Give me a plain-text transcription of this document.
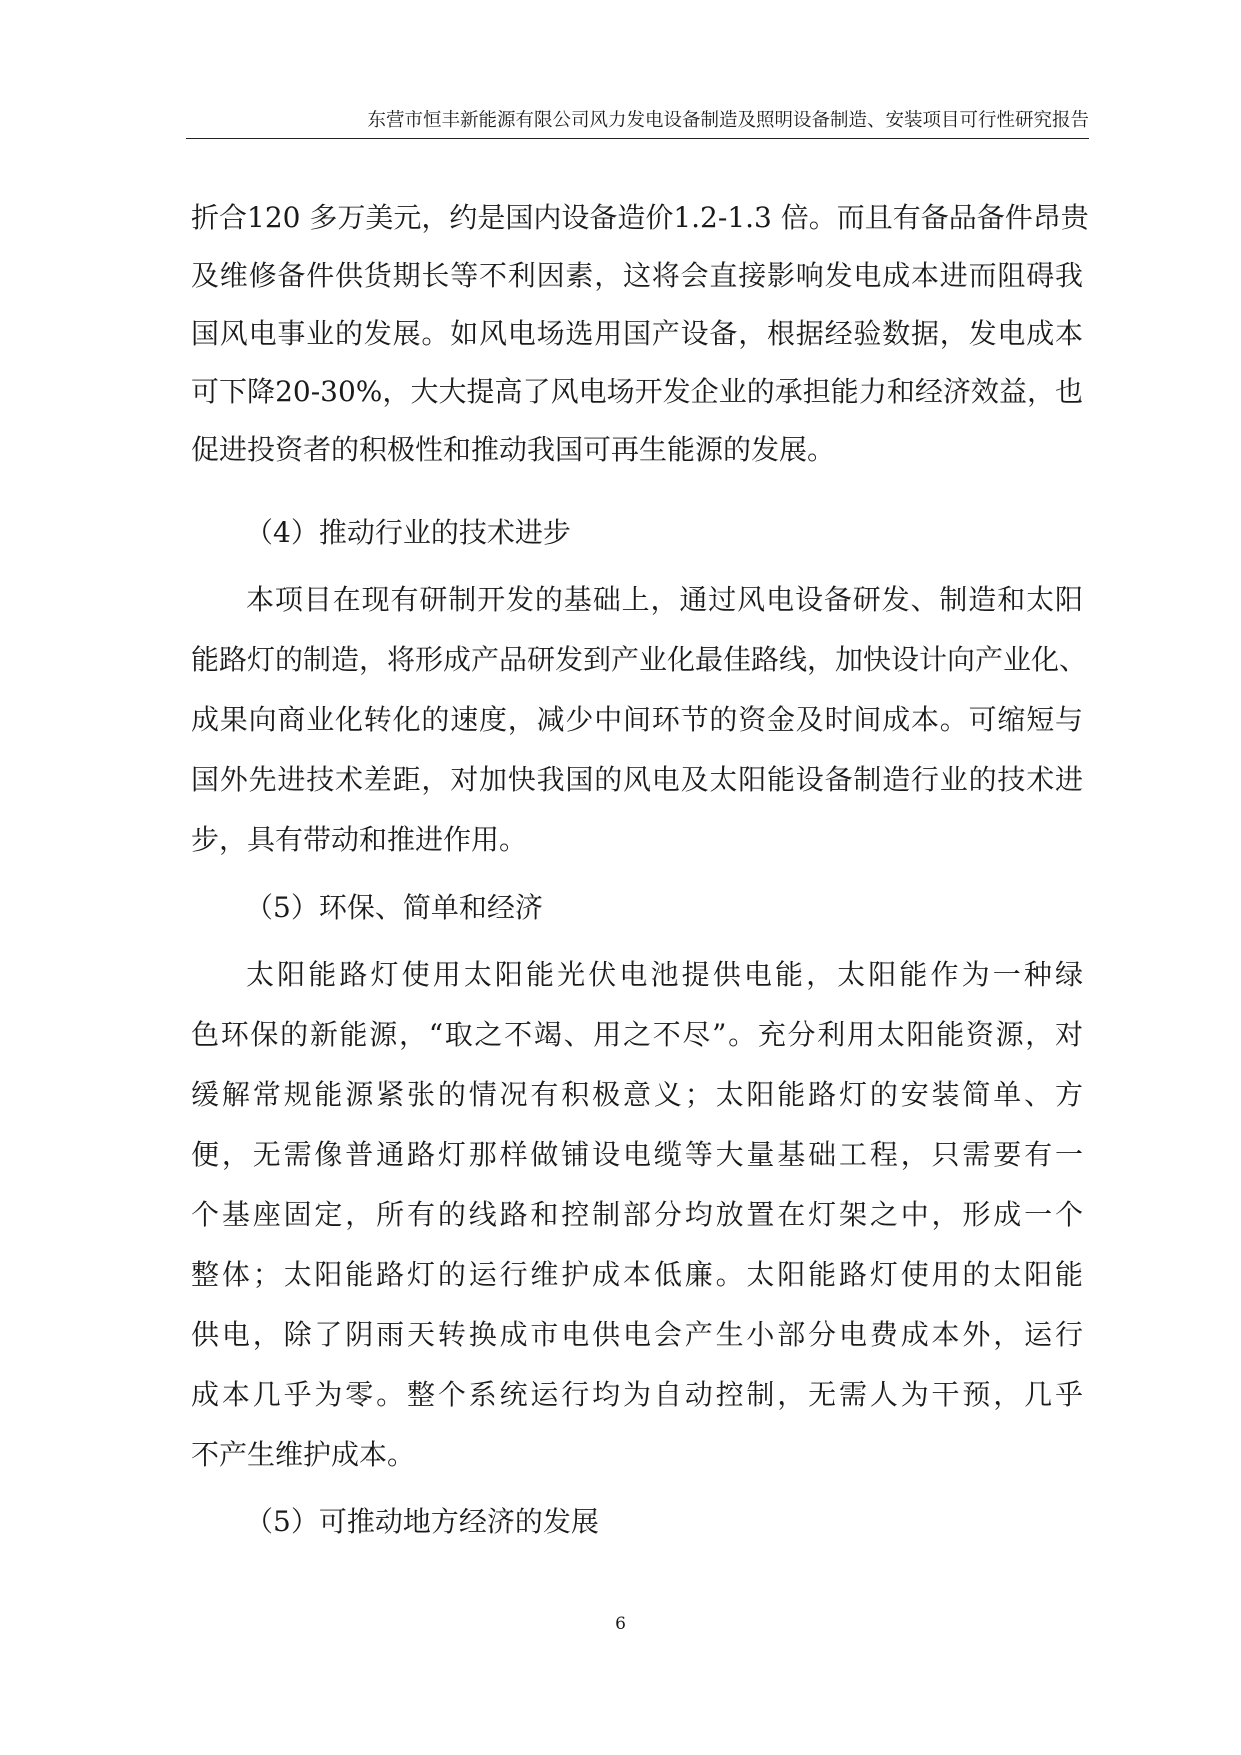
东营市恒丰新能源有限公司风力发电设备制造及照明设备制造、安装项目可行性研究报告
折合120 多万美元，约是国内设备造价1.2-1.3 倍。而且有备品备件昂贵
及维修备件供货期长等不利因素，这将会直接影响发电成本进而阻碍我
国风电事业的发展。如风电场选用国产设备，根据经验数据，发电成本
可下降20-30%，大大提高了风电场开发企业的承担能力和经济效益，也
促进投资者的积极性和推动我国可再生能源的发展。
（4）推动行业的技术进步
本项目在现有研制开发的基础上，通过风电设备研发、制造和太阳
能路灯的制造，将形成产品研发到产业化最佳路线，加快设计向产业化、
成果向商业化转化的速度，减少中间环节的资金及时间成本。可缩短与
国外先进技术差距，对加快我国的风电及太阳能设备制造行业的技术进
步，具有带动和推进作用。
（5）环保、简单和经济
太阳能路灯使用太阳能光伏电池提供电能，太阳能作为一种绿
色环保的新能源，“取之不竭、用之不尽”。充分利用太阳能资源，对
缓解常规能源紧张的情况有积极意义；太阳能路灯的安装简单、方
便，无需像普通路灯那样做铺设电缆等大量基础工程，只需要有一
个基座固定，所有的线路和控制部分均放置在灯架之中，形成一个
整体；太阳能路灯的运行维护成本低廉。太阳能路灯使用的太阳能
供电，除了阴雨天转换成市电供电会产生小部分电费成本外，运行
成本几乎为零。整个系统运行均为自动控制，无需人为干预，几乎
不产生维护成本。
（5）可推动地方经济的发展
6
